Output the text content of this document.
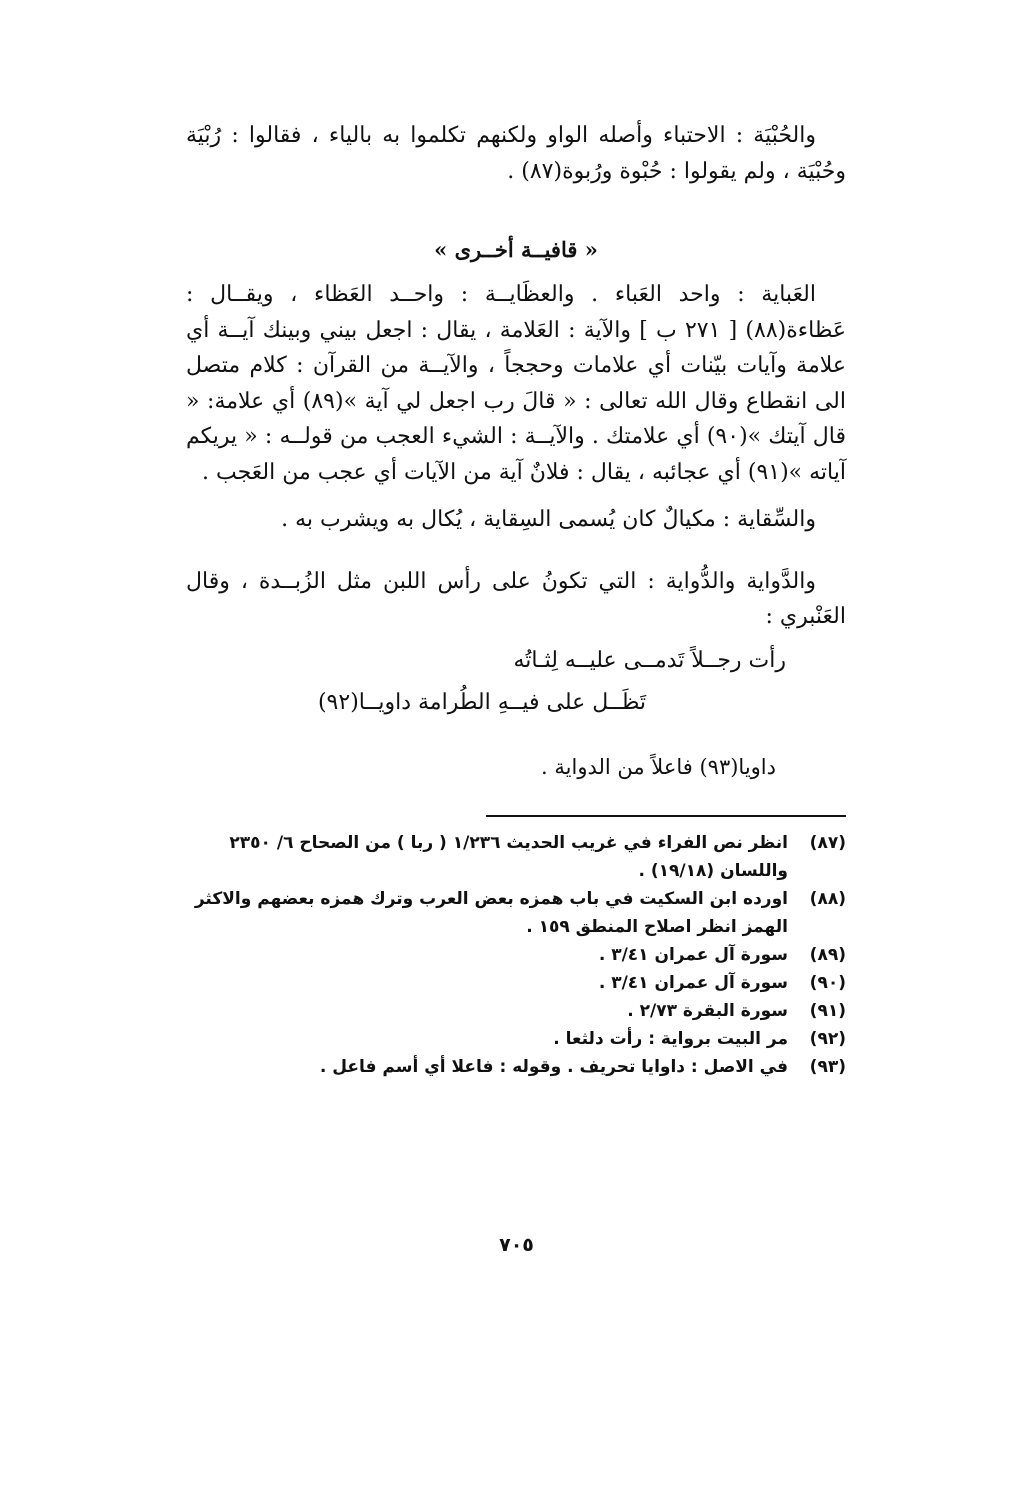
والحُبْيَة : الاحتباء وأصله الواو ولكنهم تكلموا به بالياء ، فقالوا : رُبْيَة وحُبْيَة ، ولم يقولوا : حُبْوة ورُبوة(٨٧) .

« قافيــة أخــرى »

العَباية : واحد العَباء . والعظَايــة : واحــد العَظاء ، ويقــال : عَظاءة(٨٨) [ ٢٧١ ب ] والآية : العَلامة ، يقال : اجعل بيني وبينك آيــة أي علامة وآيات بيّنات أي علامات وحججاً ، والآيــة من القرآن : كلام متصل الى انقطاع وقال الله تعالى : « قالَ رب اجعل لي آية »(٨٩) أي علامة: « قال آيتك »(٩٠) أي علامتك . والآيــة : الشيء العجب من قولــه : « يريكم آياته »(٩١) أي عجائبه ، يقال : فلانٌ آية من الآيات أي عجب من العَجب .

والسِّقاية : مكيالٌ كان يُسمى السِقاية ، يُكال به ويشرب به .

والدَّواية والدُّواية : التي تكونُ على رأس اللبن مثل الزُبــدة ، وقال العَنْبري :

رأت رجــلاً تَدمــى عليــه لِثـاتُه
تَظَــل على فيــهِ الطُرامة داويــا(٩٢)
داويا(٩٣) فاعلاً من الدواية .
(٨٧)
انظر نص الفراء في غريب الحديث ١/٢٣٦ ( ربا ) من الصحاح ٦/ ٢٣٥٠ واللسان (١٩/١٨) .
(٨٨)
اورده ابن السكيت في باب همزه بعض العرب وترك همزه بعضهم والاكثر الهمز انظر اصلاح المنطق ١٥٩ .
(٨٩)
سورة آل عمران ٣/٤١ .
(٩٠)
سورة آل عمران ٣/٤١ .
(٩١)
سورة البقرة ٢/٧٣ .
(٩٢)
مر البيت برواية : رأت دلثعا .
(٩٣)
في الاصل : داوايا تحريف . وقوله : فاعلا أي أسم فاعل .
٧٠٥
